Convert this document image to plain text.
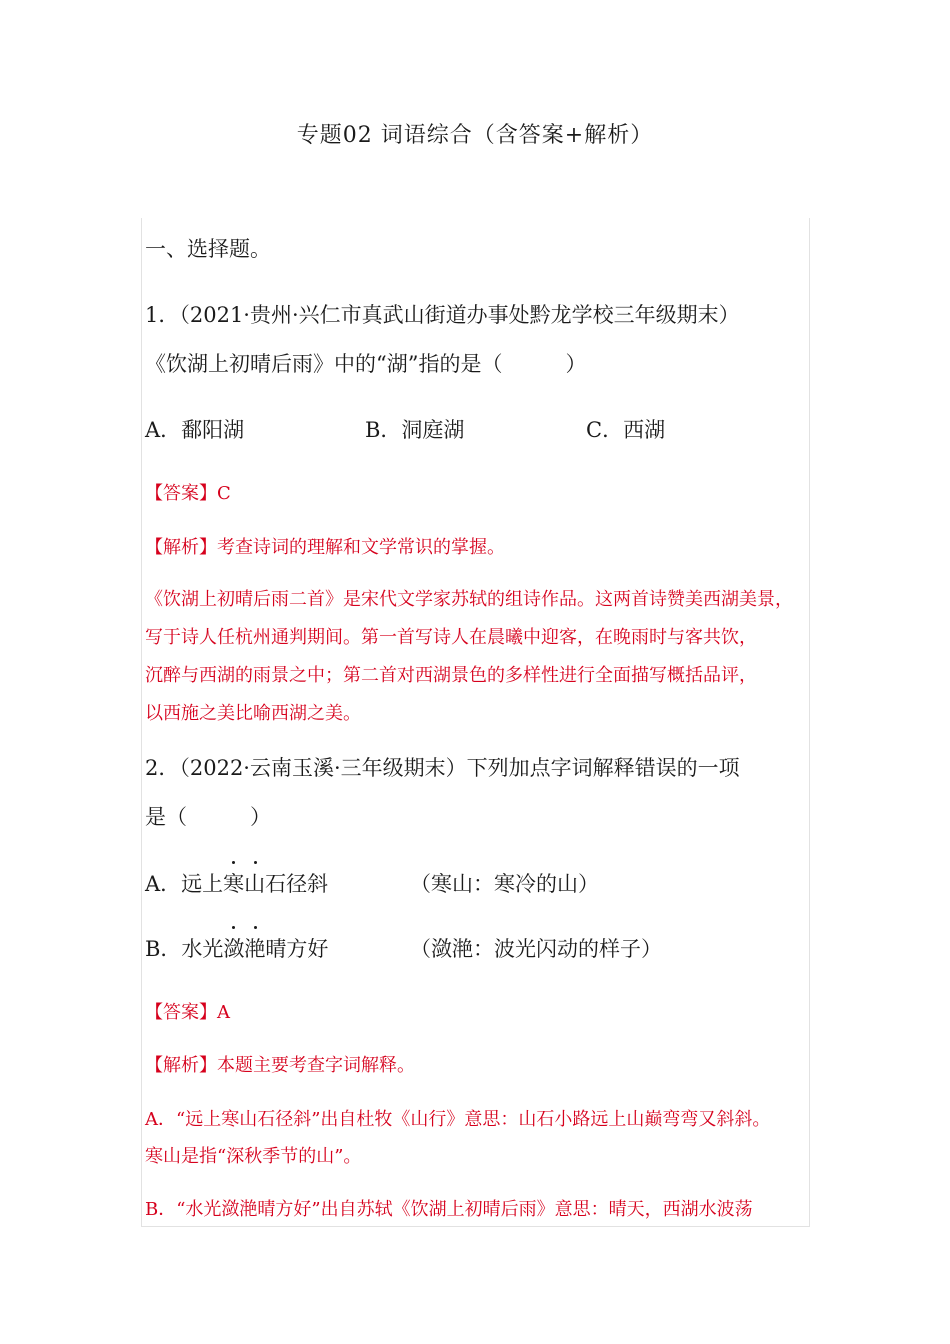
专题02 词语综合（含答案+解析）
一、选择题。
1．（2021·贵州·兴仁市真武山街道办事处黔龙学校三年级期末）
《饮湖上初晴后雨》中的“湖”指的是（　　　）
A．鄱阳湖	B．洞庭湖	C．西湖
【答案】C
【解析】考查诗词的理解和文学常识的掌握。
《饮湖上初晴后雨二首》是宋代文学家苏轼的组诗作品。这两首诗赞美西湖美景，
写于诗人任杭州通判期间。第一首写诗人在晨曦中迎客，在晚雨时与客共饮，
沉醉与西湖的雨景之中；第二首对西湖景色的多样性进行全面描写概括品评，
以西施之美比喻西湖之美。
2．（2022·云南玉溪·三年级期末）下列加点字词解释错误的一项
是（　　　）
A．远上寒山石径斜	（寒山：寒冷的山）
B．水光潋滟晴方好	（潋滟：波光闪动的样子）
【答案】A
【解析】本题主要考查字词解释。
A．“远上寒山石径斜”出自杜牧《山行》意思：山石小路远上山巅弯弯又斜斜。
寒山是指“深秋季节的山”。
B．“水光潋滟晴方好”出自苏轼《饮湖上初晴后雨》意思：晴天，西湖水波荡
